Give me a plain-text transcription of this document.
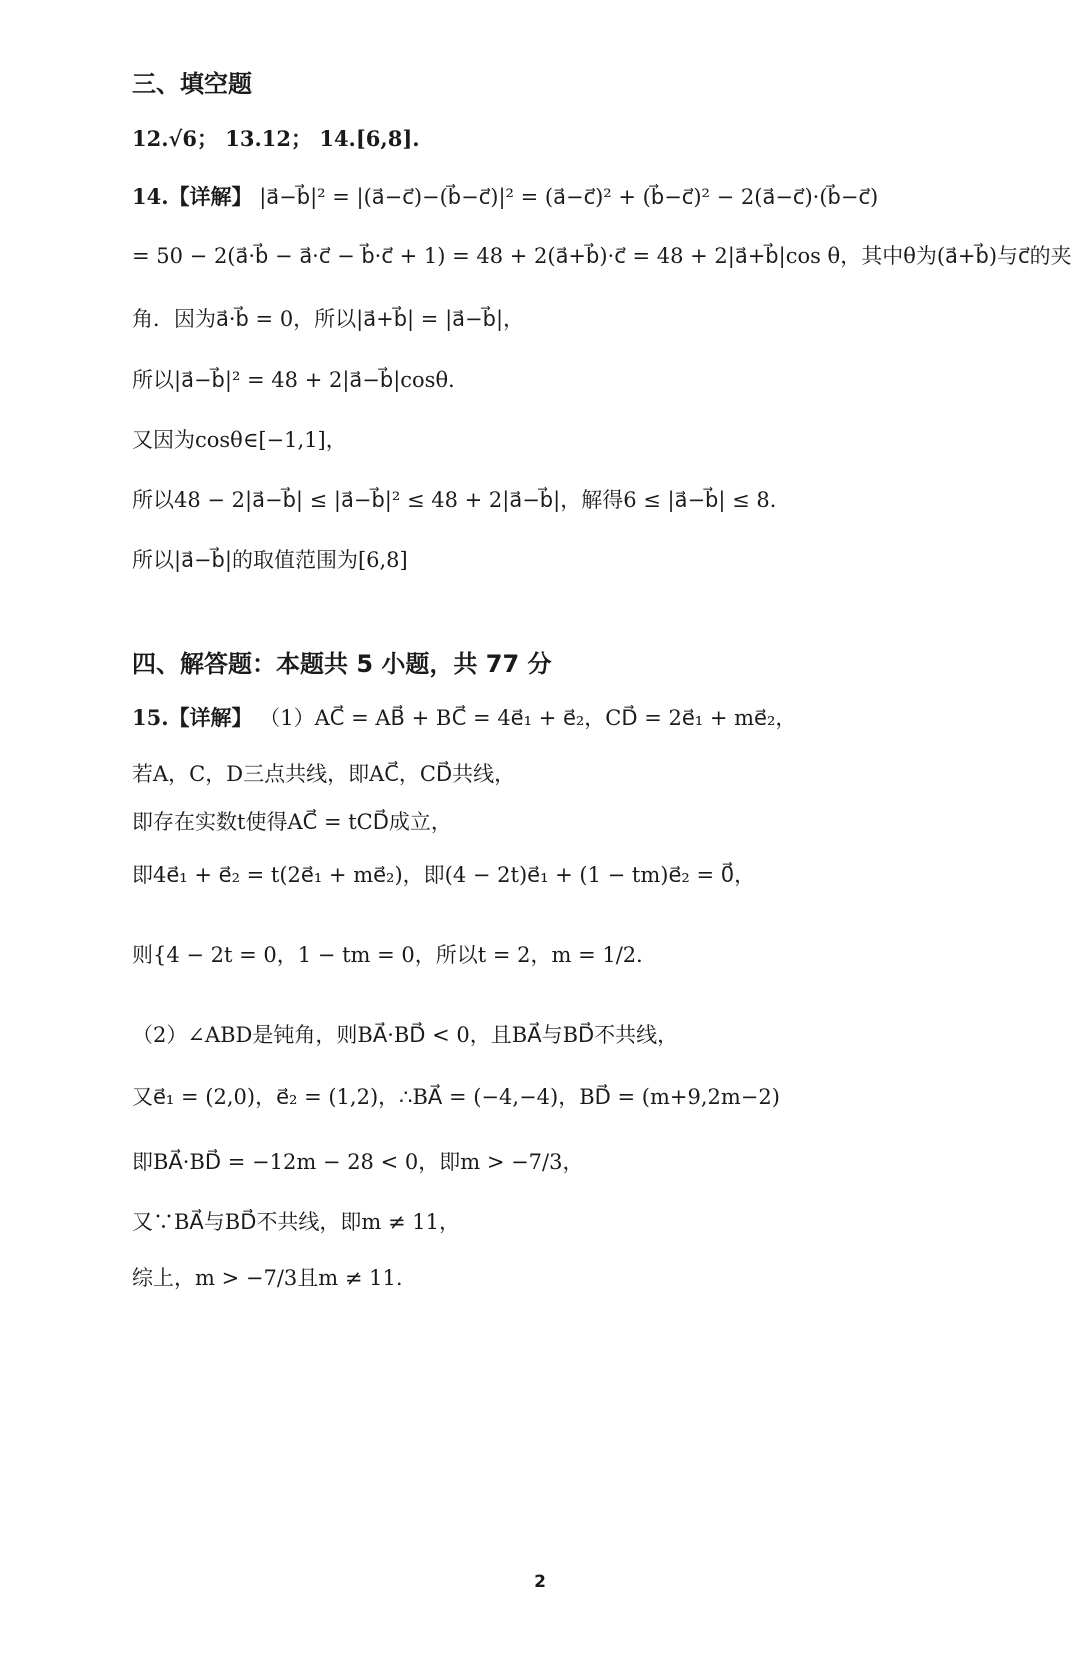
三、填空题
12.√6； 13.12； 14.[6,8].
14.【详解】 |a⃗−b⃗|² = |(a⃗−c⃗)−(b⃗−c⃗)|² = (a⃗−c⃗)² + (b⃗−c⃗)² − 2(a⃗−c⃗)·(b⃗−c⃗)
= 50 − 2(a⃗·b⃗ − a⃗·c⃗ − b⃗·c⃗ + 1) = 48 + 2(a⃗+b⃗)·c⃗ = 48 + 2|a⃗+b⃗|cos θ，其中θ为(a⃗+b⃗)与c⃗的夹
角．因为a⃗·b⃗ = 0，所以|a⃗+b⃗| = |a⃗−b⃗|，
所以|a⃗−b⃗|² = 48 + 2|a⃗−b⃗|cosθ．
又因为cosθ∈[−1,1]，
所以48 − 2|a⃗−b⃗| ≤ |a⃗−b⃗|² ≤ 48 + 2|a⃗−b⃗|，解得6 ≤ |a⃗−b⃗| ≤ 8．
所以|a⃗−b⃗|的取值范围为[6,8]
四、解答题：本题共 5 小题，共 77 分
15.【详解】 （1）AC⃗ = AB⃗ + BC⃗ = 4e⃗₁ + e⃗₂，CD⃗ = 2e⃗₁ + me⃗₂，
若A，C，D三点共线，即AC⃗，CD⃗共线，
即存在实数t使得AC⃗ = tCD⃗成立，
即4e⃗₁ + e⃗₂ = t(2e⃗₁ + me⃗₂)，即(4 − 2t)e⃗₁ + (1 − tm)e⃗₂ = 0⃗，
则{4 − 2t = 0，1 − tm = 0，所以t = 2，m = 1/2．
（2）∠ABD是钝角，则BA⃗·BD⃗ < 0，且BA⃗与BD⃗不共线，
又e⃗₁ = (2,0)，e⃗₂ = (1,2)，∴BA⃗ = (−4,−4)，BD⃗ = (m+9,2m−2)
即BA⃗·BD⃗ = −12m − 28 < 0，即m > −7/3，
又∵BA⃗与BD⃗不共线，即m ≠ 11，
综上，m > −7/3且m ≠ 11.
2
